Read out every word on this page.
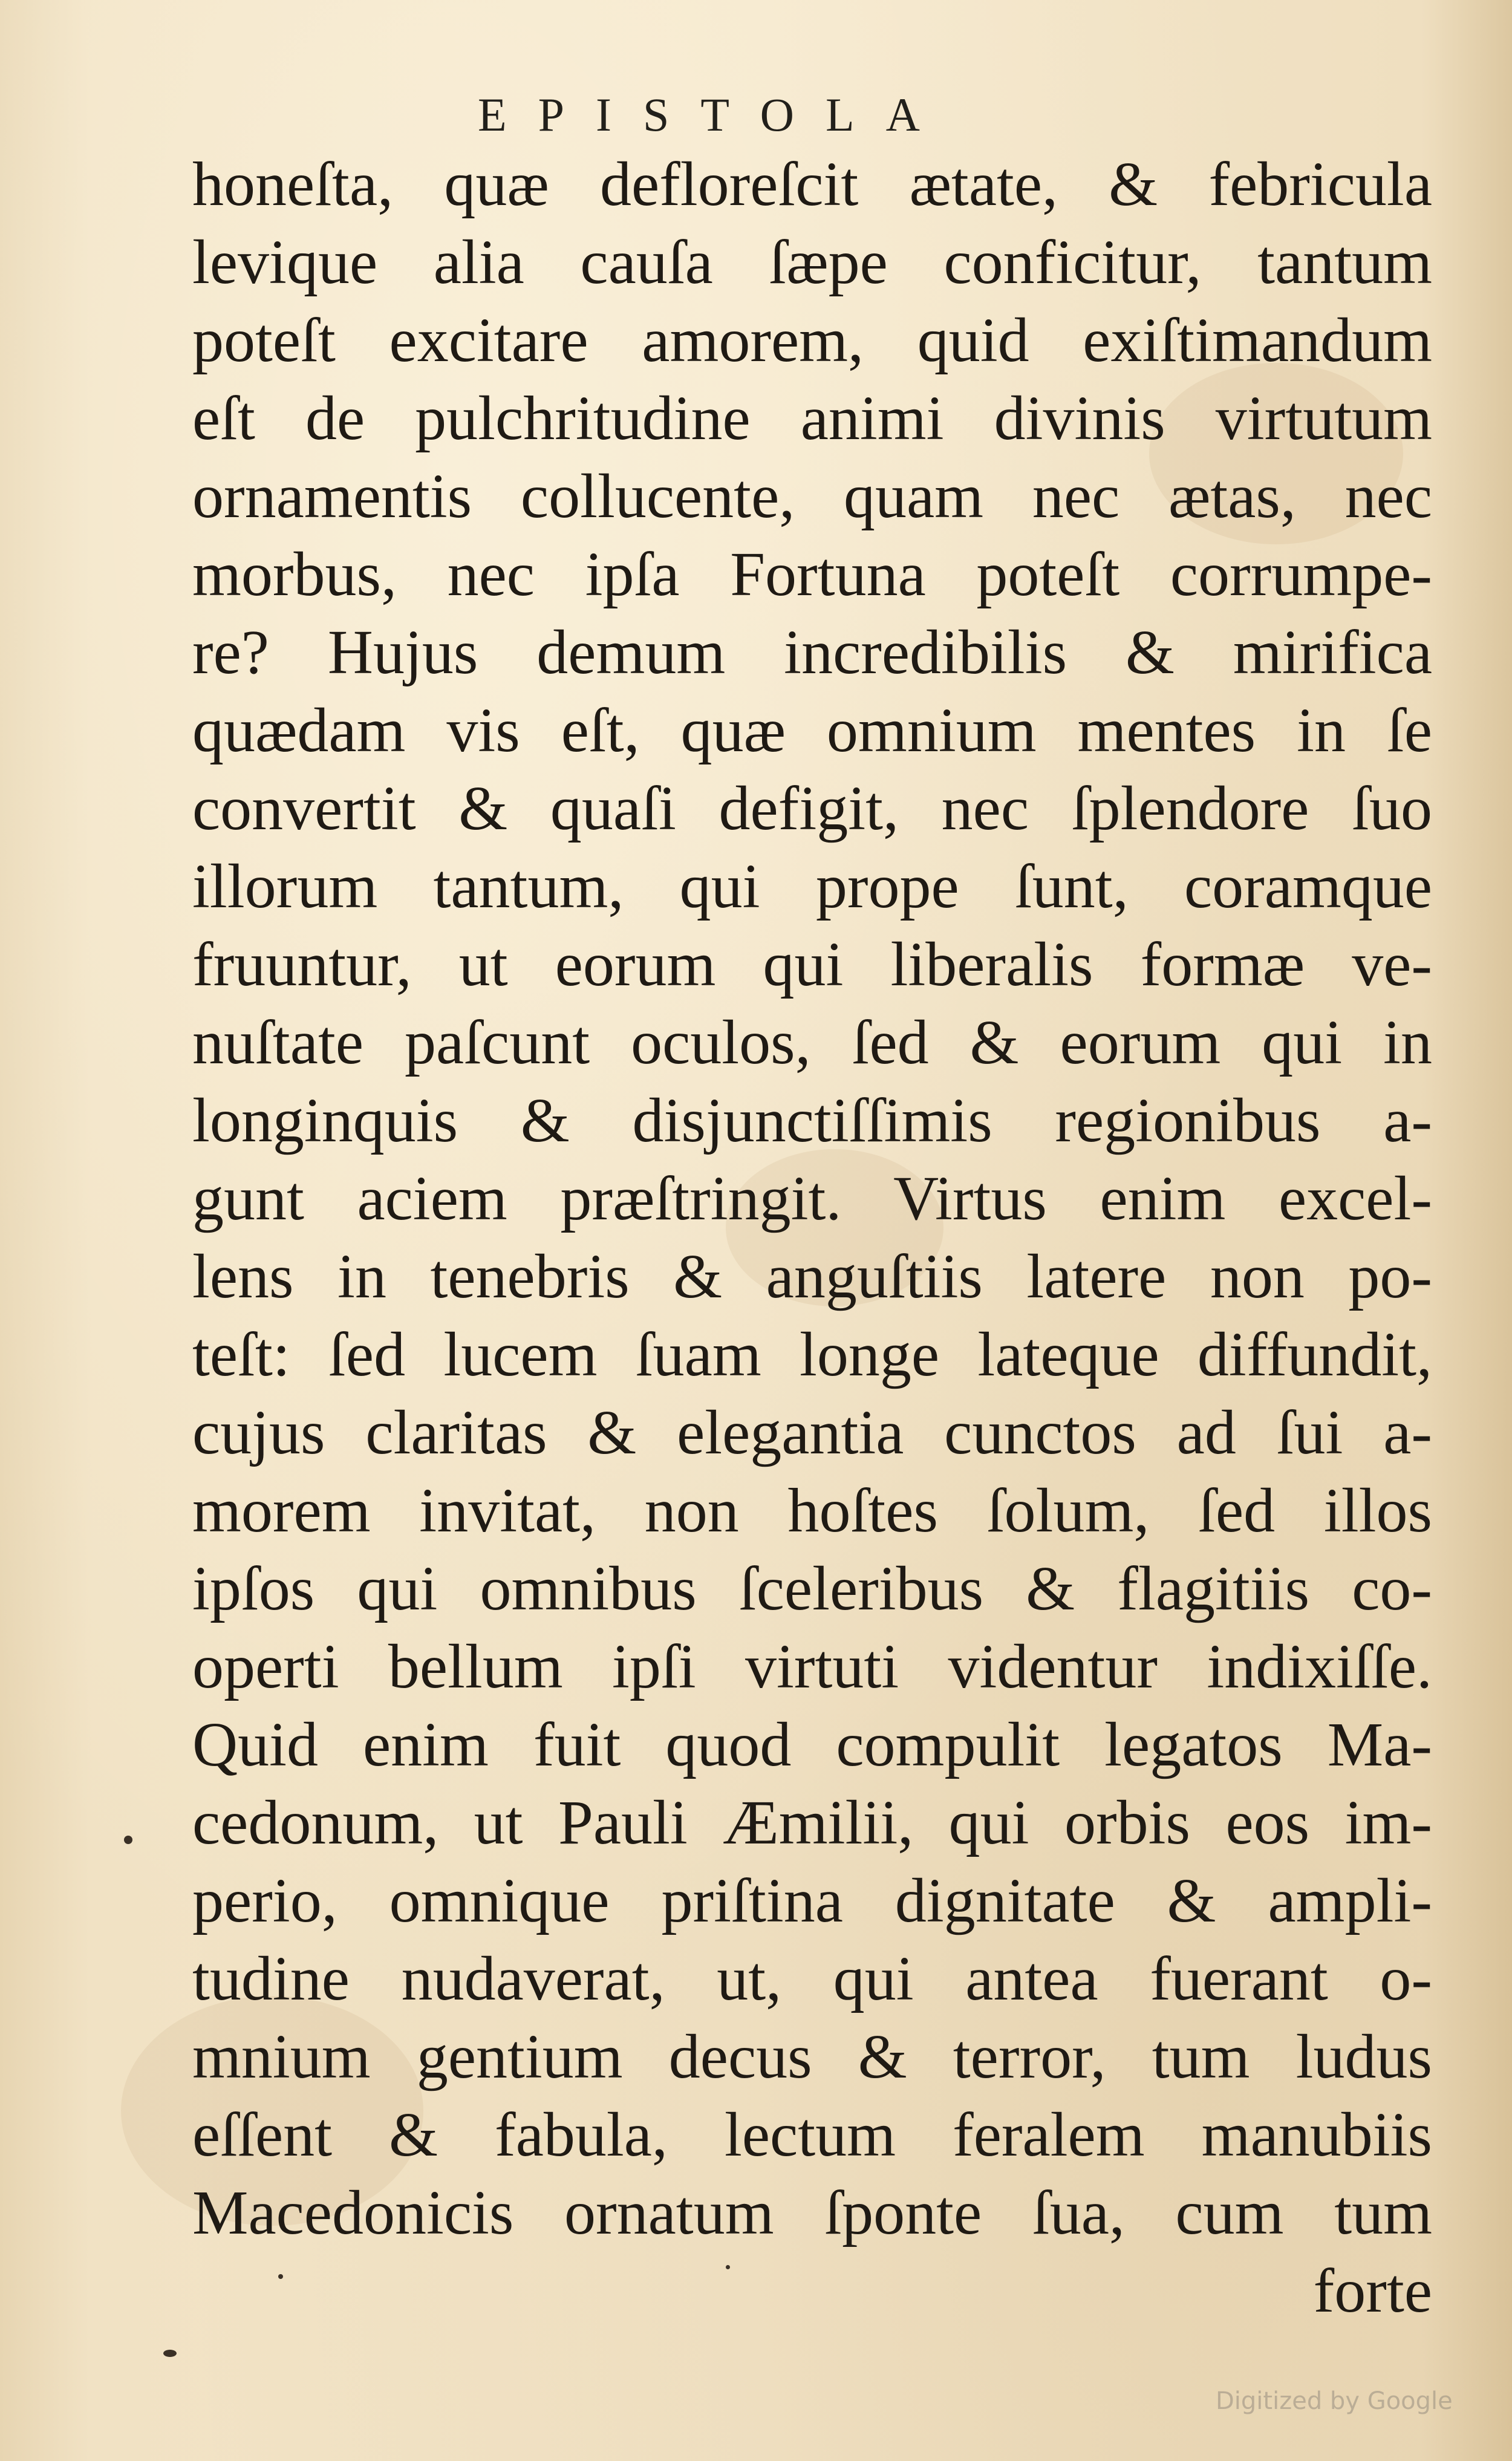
EPISTOLA
honeſta, quæ defloreſcit ætate, & febricula
levique alia cauſa ſæpe conficitur, tantum
poteſt excitare amorem, quid exiſtimandum
eſt de pulchritudine animi divinis virtutum
ornamentis collucente, quam nec ætas, nec
morbus, nec ipſa Fortuna poteſt corrumpe-
re? Hujus demum incredibilis & mirifica
quædam vis eſt, quæ omnium mentes in ſe
convertit & quaſi defigit, nec ſplendore ſuo
illorum tantum, qui prope ſunt, coramque
fruuntur, ut eorum qui liberalis formæ ve-
nuſtate paſcunt oculos, ſed & eorum qui in
longinquis & disjunctiſſimis regionibus a-
gunt aciem præſtringit. Virtus enim excel-
lens in tenebris & anguſtiis latere non po-
teſt: ſed lucem ſuam longe lateque diffundit,
cujus claritas & elegantia cunctos ad ſui a-
morem invitat, non hoſtes ſolum, ſed illos
ipſos qui omnibus ſceleribus & flagitiis co-
operti bellum ipſi virtuti videntur indixiſſe.
Quid enim fuit quod compulit legatos Ma-
cedonum, ut Pauli Æmilii, qui orbis eos im-
perio, omnique priſtina dignitate & ampli-
tudine nudaverat, ut, qui antea fuerant o-
mnium gentium decus & terror, tum ludus
eſſent & fabula, lectum feralem manubiis
Macedonicis ornatum ſponte ſua, cum tum
forte
Digitized by Google
